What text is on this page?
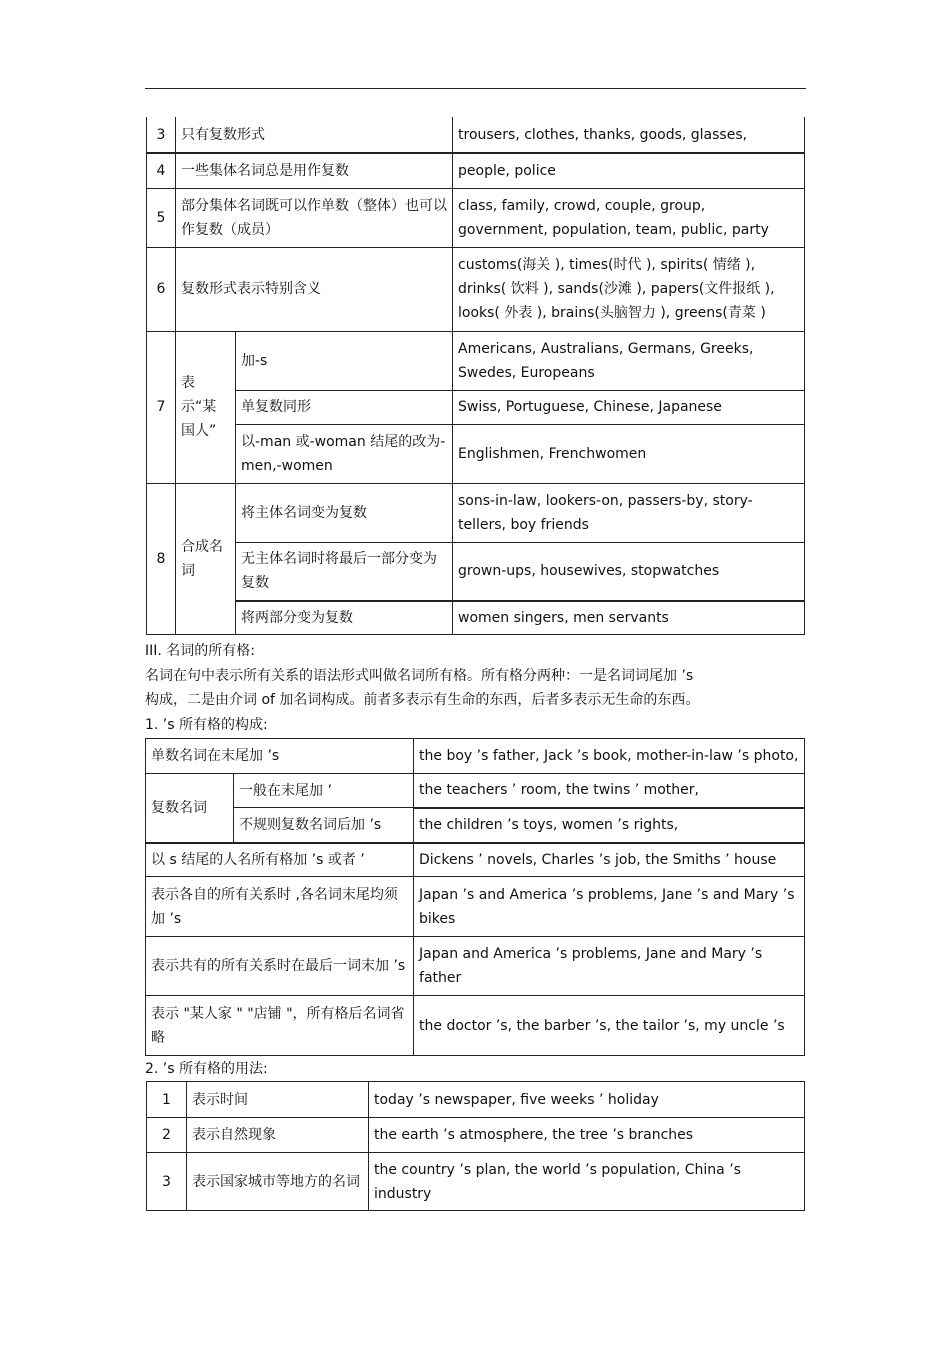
3	只有复数形式		trousers, clothes, thanks, goods, glasses,
4	一些集体名词总是用作复数		people, police
5	部分集体名词既可以作单数（整体）也可以作复数（成员）		class, family, crowd, couple, group, government, population, team, public, party
6	复数形式表示特别含义		customs(海关 ), times(时代 ), spirits( 情绪 ), drinks( 饮料 ), sands(沙滩 ), papers(文件报纸 ), looks( 外表 ), brains(头脑智力 ), greens(青菜 )
7	表示“某国人”	加-s	Americans, Australians, Germans, Greeks, Swedes, Europeans
		单复数同形	Swiss, Portuguese, Chinese, Japanese
		以-man 或-woman 结尾的改为-men,-women	Englishmen, Frenchwomen
8	合成名词	将主体名词变为复数	sons-in-law, lookers-on, passers-by, story-tellers, boy friends
		无主体名词时将最后一部分变为复数	grown-ups, housewives, stopwatches
		将两部分变为复数	women singers, men servants
III. 名词的所有格:
名词在句中表示所有关系的语法形式叫做名词所有格。所有格分两种：一是名词词尾加 ’s
构成，二是由介词 of 加名词构成。前者多表示有生命的东西，后者多表示无生命的东西。
1. ’s 所有格的构成:
单数名词在末尾加 ’s		the boy ’s father, Jack ’s book, mother-in-law ’s photo,
复数名词	一般在末尾加 ’	the teachers ’ room, the twins ’ mother,
	不规则复数名词后加 ’s	the children ’s toys, women ’s rights,
以 s 结尾的人名所有格加 ’s 或者 ’		Dickens ’ novels, Charles ’s job, the Smiths ’ house
表示各自的所有关系时 ,各名词末尾均须加 ’s		Japan ’s and America ’s problems, Jane ’s and Mary ’s bikes
表示共有的所有关系时在最后一词末加 ’s		Japan and America ’s problems, Jane and Mary ’s father
表示 "某人家 " "店铺 "，所有格后名词省略		the doctor ’s, the barber ’s, the tailor ’s, my uncle ’s
2. ’s 所有格的用法:
1	表示时间	today ’s newspaper, five weeks ’ holiday
2	表示自然现象	the earth ’s atmosphere, the tree ’s branches
3	表示国家城市等地方的名词	the country ’s plan, the world ’s population, China ’s industry
